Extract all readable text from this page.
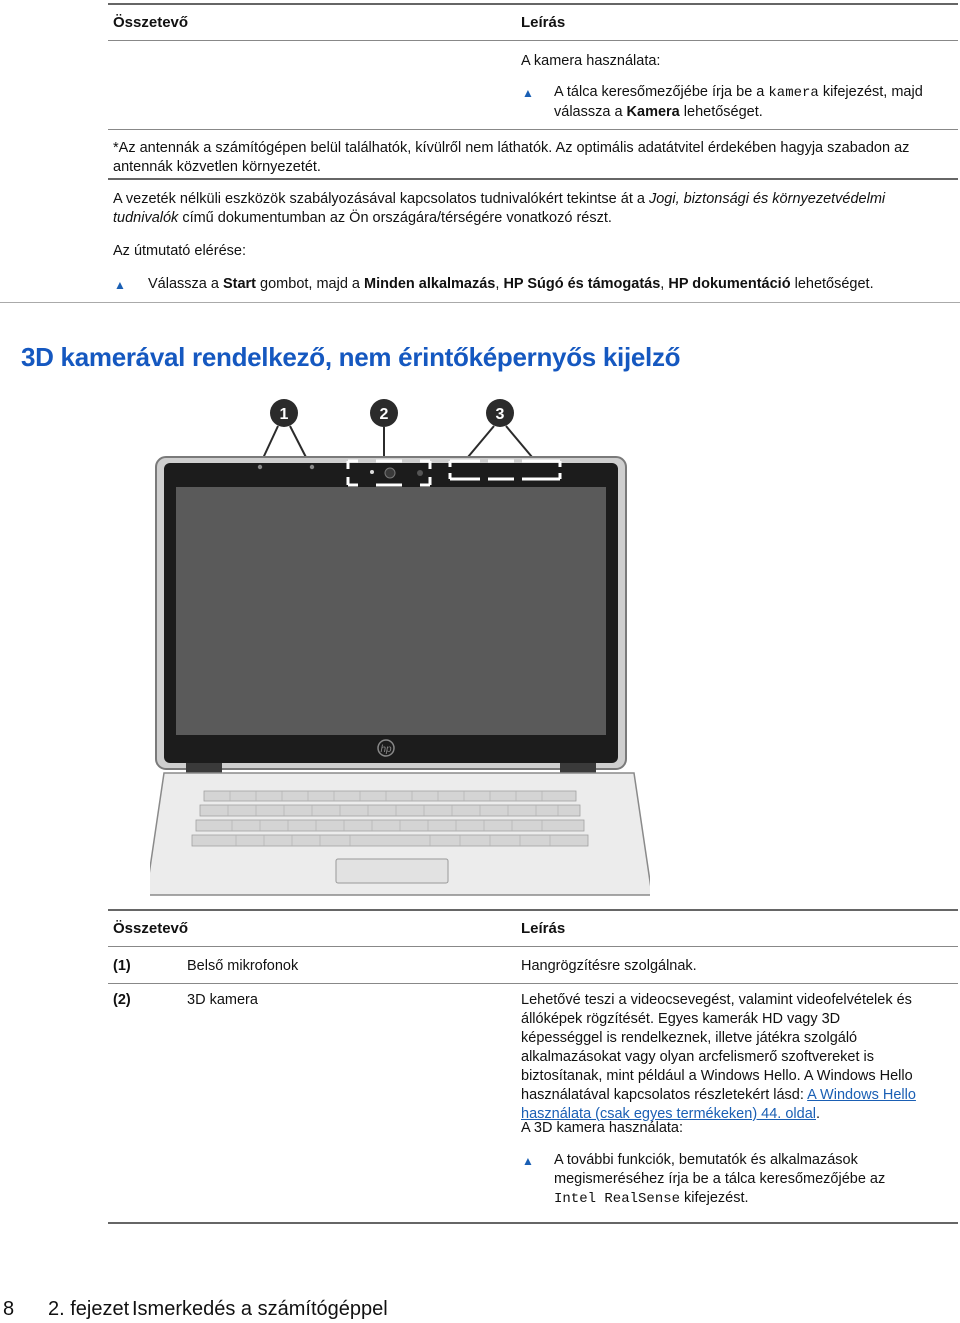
Összetevő	Leírás
A kamera használata:
▲ A tálca keresőmezőjébe írja be a kamera kifejezést, majd válassza a Kamera lehetőséget.
*Az antennák a számítógépen belül találhatók, kívülről nem láthatók. Az optimális adatátvitel érdekében hagyja szabadon az antennák közvetlen környezetét.
A vezeték nélküli eszközök szabályozásával kapcsolatos tudnivalókért tekintse át a Jogi, biztonsági és környezetvédelmi tudnivalók című dokumentumban az Ön országára/térségére vonatkozó részt.
Az útmutató elérése:
▲ Válassza a Start gombot, majd a Minden alkalmazás, HP Súgó és támogatás, HP dokumentáció lehetőséget.
3D kamerával rendelkező, nem érintőképernyős kijelző
1	2	3
hp
Összetevő	Leírás
(1)	Belső mikrofonok	Hangrögzítésre szolgálnak.
(2)	3D kamera	Lehetővé teszi a videocsevegést, valamint videofelvételek és állóképek rögzítését. Egyes kamerák HD vagy 3D képességgel is rendelkeznek, illetve játékra szolgáló alkalmazásokat vagy olyan arcfelismerő szoftvereket is biztosítanak, mint például a Windows Hello. A Windows Hello használatával kapcsolatos részletekért lásd: A Windows Hello használata (csak egyes termékeken) 44. oldal.
A 3D kamera használata:
▲ A további funkciók, bemutatók és alkalmazások megismeréséhez írja be a tálca keresőmezőjébe az Intel RealSense kifejezést.
8 2. fejezet Ismerkedés a számítógéppel
